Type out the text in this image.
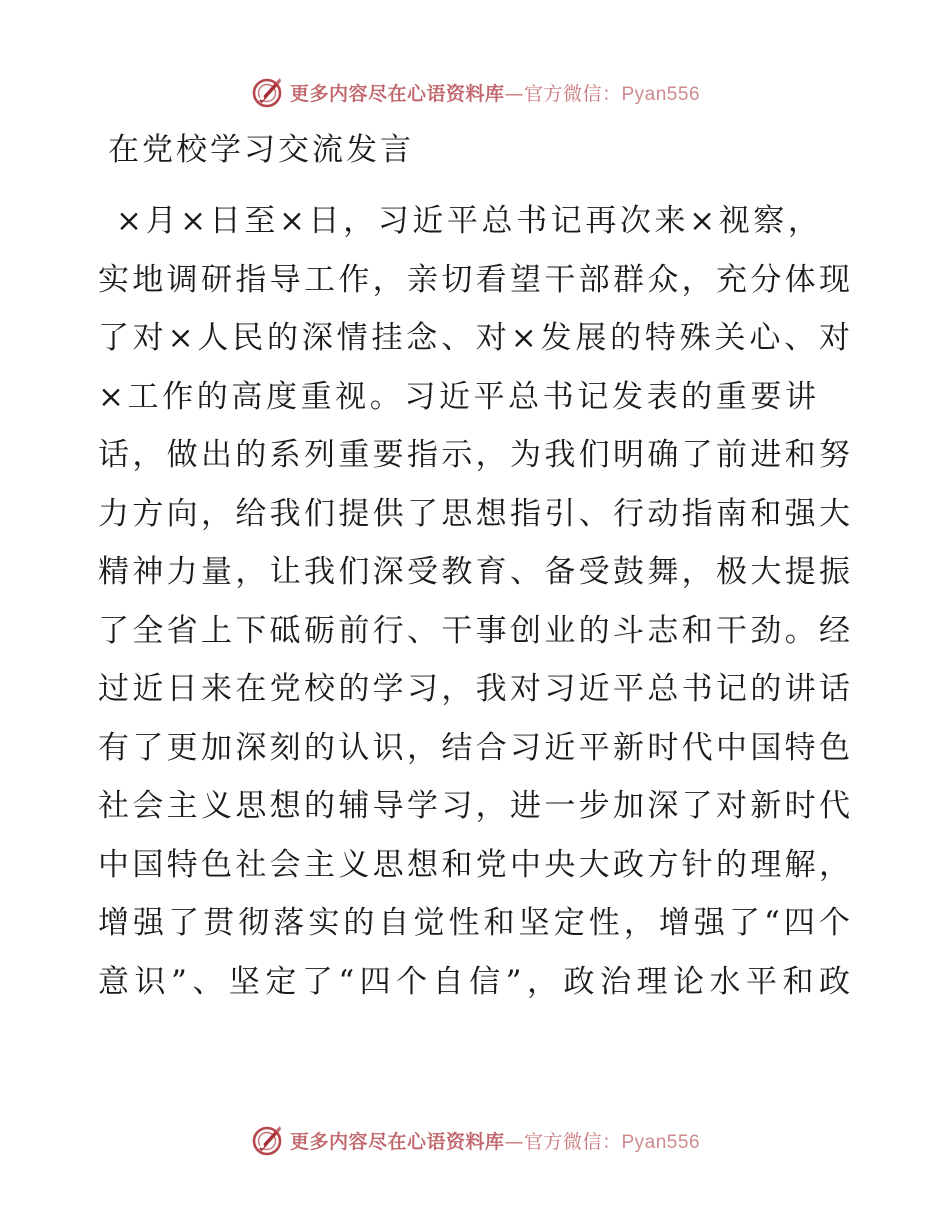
更多内容尽在心语资料库—官方微信：Pyan556
在党校学习交流发言
×月×日至×日，习近平总书记再次来×视察，
实地调研指导工作，亲切看望干部群众，充分体现
了对×人民的深情挂念、对×发展的特殊关心、对
×工作的高度重视。习近平总书记发表的重要讲
话，做出的系列重要指示，为我们明确了前进和努
力方向，给我们提供了思想指引、行动指南和强大
精神力量，让我们深受教育、备受鼓舞，极大提振
了全省上下砥砺前行、干事创业的斗志和干劲。经
过近日来在党校的学习，我对习近平总书记的讲话
有了更加深刻的认识，结合习近平新时代中国特色
社会主义思想的辅导学习，进一步加深了对新时代
中国特色社会主义思想和党中央大政方针的理解，
增强了贯彻落实的自觉性和坚定性，增强了“四个
意识”、坚定了“四个自信”，政治理论水平和政
更多内容尽在心语资料库—官方微信：Pyan556
